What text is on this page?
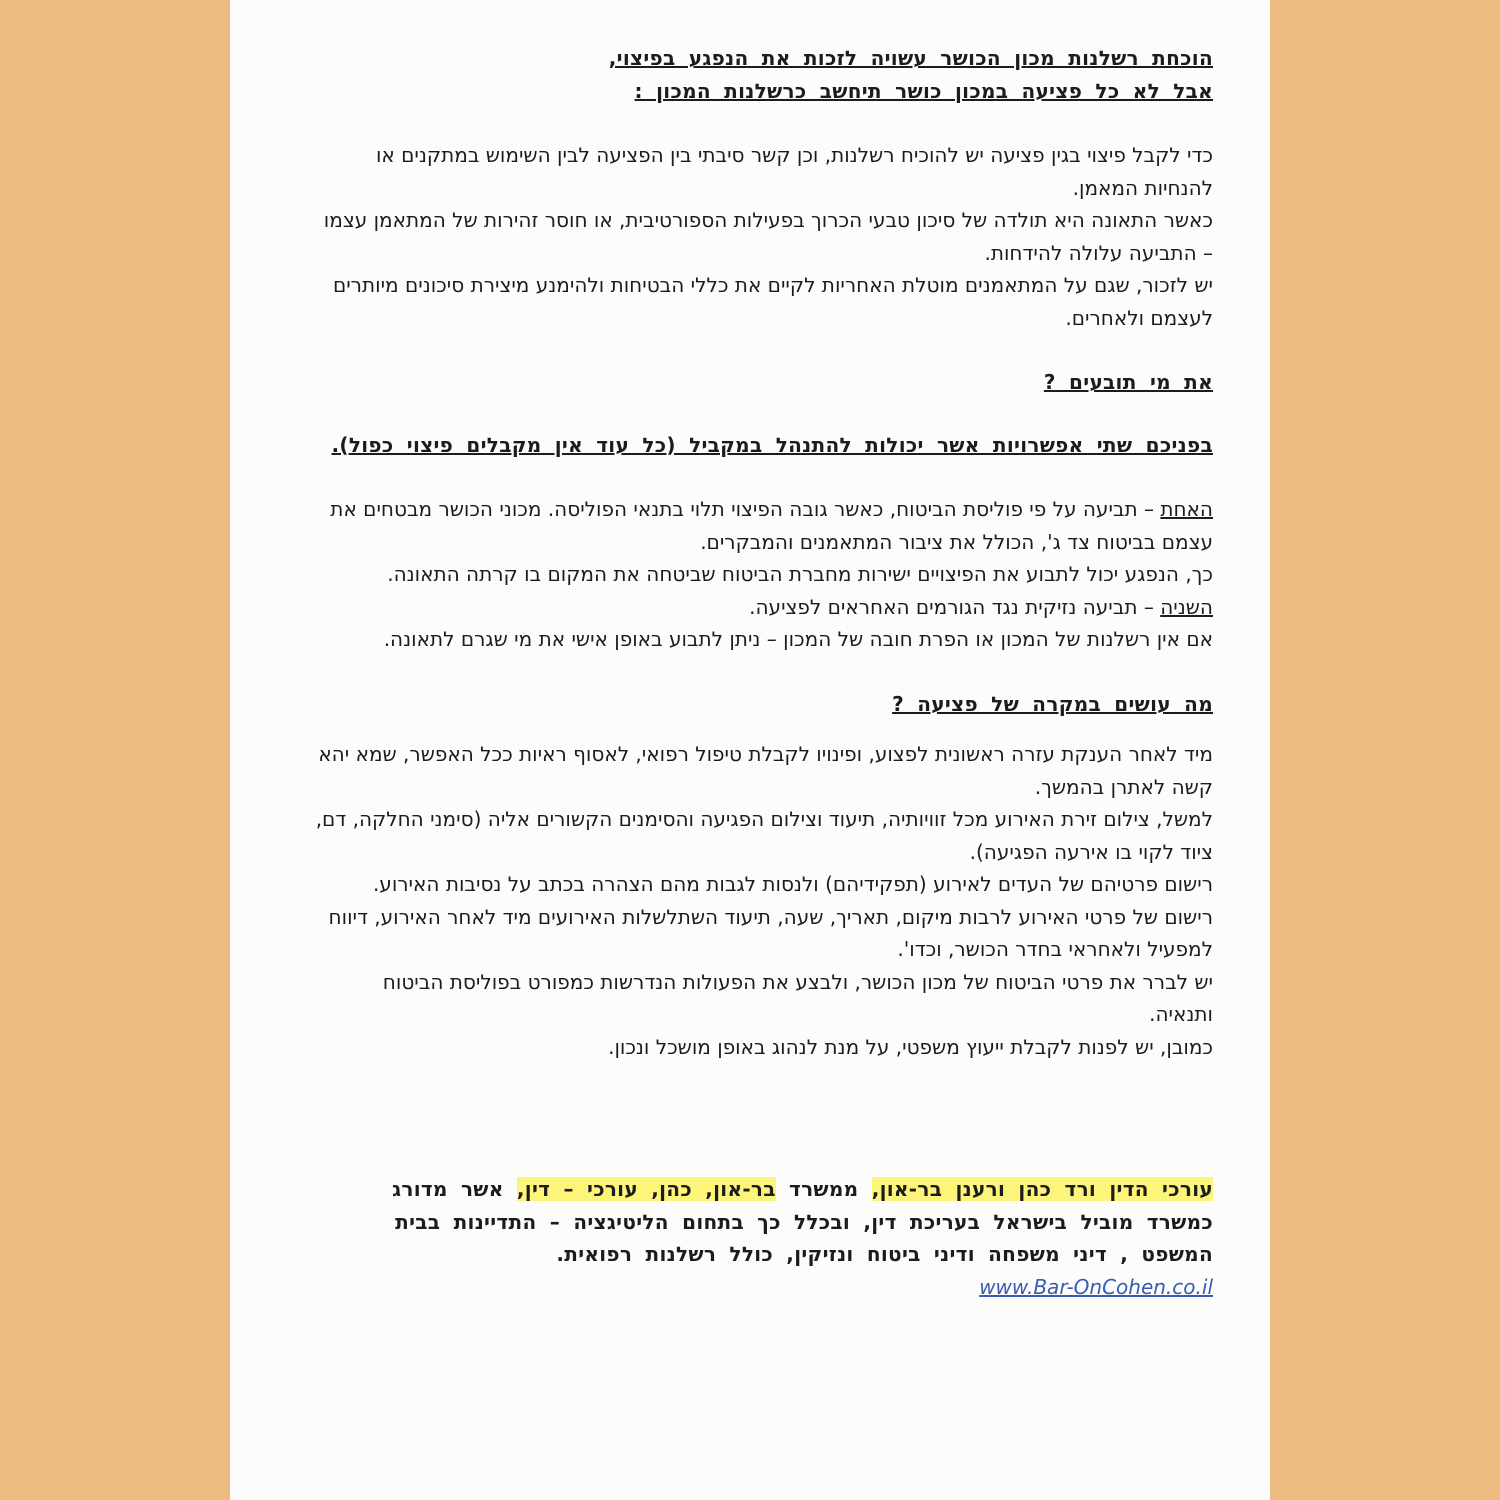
הוכחת רשלנות מכון הכושר עשויה לזכות את הנפגע בפיצוי,
אבל לא כל פציעה במכון כושר תיחשב כרשלנות המכון :

כדי לקבל פיצוי בגין פציעה יש להוכיח רשלנות, וכן קשר סיבתי בין הפציעה לבין השימוש במתקנים או להנחיות המאמן.

כאשר התאונה היא תולדה של סיכון טבעי הכרוך בפעילות הספורטיבית, או חוסר זהירות של המתאמן עצמו – התביעה עלולה להידחות.

יש לזכור, שגם על המתאמנים מוטלת האחריות לקיים את כללי הבטיחות ולהימנע מיצירת סיכונים מיותרים לעצמם ולאחרים.

את מי תובעים ?
בפניכם שתי אפשרויות אשר יכולות להתנהל במקביל (כל עוד אין מקבלים פיצוי כפול).

האחת – תביעה על פי פוליסת הביטוח, כאשר גובה הפיצוי תלוי בתנאי הפוליסה. מכוני הכושר מבטחים את עצמם בביטוח צד ג', הכולל את ציבור המתאמנים והמבקרים.

כך, הנפגע יכול לתבוע את הפיצויים ישירות מחברת הביטוח שביטחה את המקום בו קרתה התאונה.

השניה – תביעה נזיקית נגד הגורמים האחראים לפציעה.

אם אין רשלנות של המכון או הפרת חובה של המכון – ניתן לתבוע באופן אישי את מי שגרם לתאונה.

מה עושים במקרה של פציעה ?

מיד לאחר הענקת עזרה ראשונית לפצוע, ופינויו לקבלת טיפול רפואי, לאסוף ראיות ככל האפשר, שמא יהא קשה לאתרן בהמשך.

למשל, צילום זירת האירוע מכל זוויותיה, תיעוד וצילום הפגיעה והסימנים הקשורים אליה (סימני החלקה, דם, ציוד לקוי בו אירעה הפגיעה).

רישום פרטיהם של העדים לאירוע (תפקידיהם) ולנסות לגבות מהם הצהרה בכתב על נסיבות האירוע.

רישום של פרטי האירוע לרבות מיקום, תאריך, שעה, תיעוד השתלשלות האירועים מיד לאחר האירוע, דיווח למפעיל ולאחראי בחדר הכושר, וכדו'.

יש לברר את פרטי הביטוח של מכון הכושר, ולבצע את הפעולות הנדרשות כמפורט בפוליסת הביטוח ותנאיה.

כמובן, יש לפנות לקבלת ייעוץ משפטי, על מנת לנהוג באופן מושכל ונכון.

עורכי הדין ורד כהן ורענן בר-און, ממשרד בר-און, כהן, עורכי – דין, אשר מדורג

כמשרד מוביל בישראל בעריכת דין, ובכלל כך בתחום הליטיגציה – התדיינות בבית המשפט , דיני משפחה ודיני ביטוח ונזיקין, כולל רשלנות רפואית.

www.Bar-OnCohen.co.il
